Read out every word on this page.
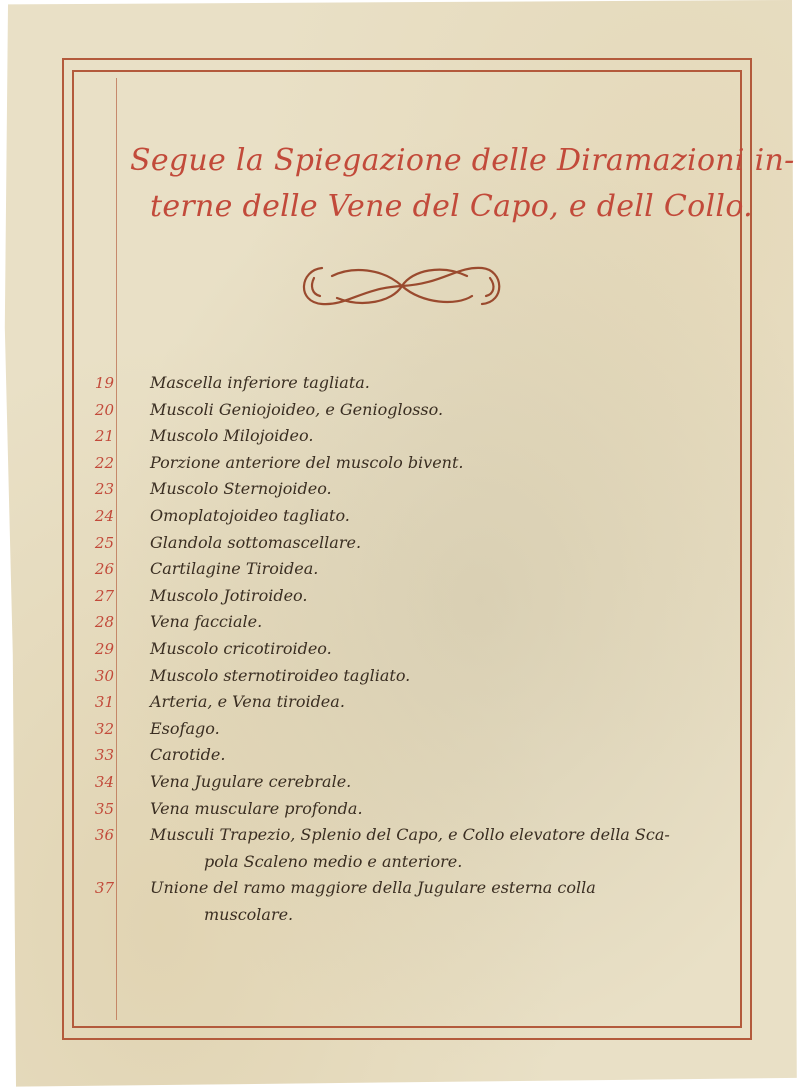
Segue la Spiegazione delle Diramazioni in-
terne delle Vene del Capo, e dell Collo.
19 Mascella inferiore tagliata.
20 Muscoli Geniojoideo, e Genioglosso.
21 Muscolo Milojoideo.
22 Porzione anteriore del muscolo bivent.
23 Muscolo Sternojoideo.
24 Omoplatojoideo tagliato.
25 Glandola sottomascellare.
26 Cartilagine Tiroidea.
27 Muscolo Jotiroideo.
28 Vena facciale.
29 Muscolo cricotiroideo.
30 Muscolo sternotiroideo tagliato.
31 Arteria, e Vena tiroidea.
32 Esofago.
33 Carotide.
34 Vena Jugulare cerebrale.
35 Vena musculare profonda.
36 Musculi Trapezio, Splenio del Capo, e Collo elevatore della Sca-
pola Scaleno medio e anteriore.
37 Unione del ramo maggiore della Jugulare esterna colla
muscolare.
